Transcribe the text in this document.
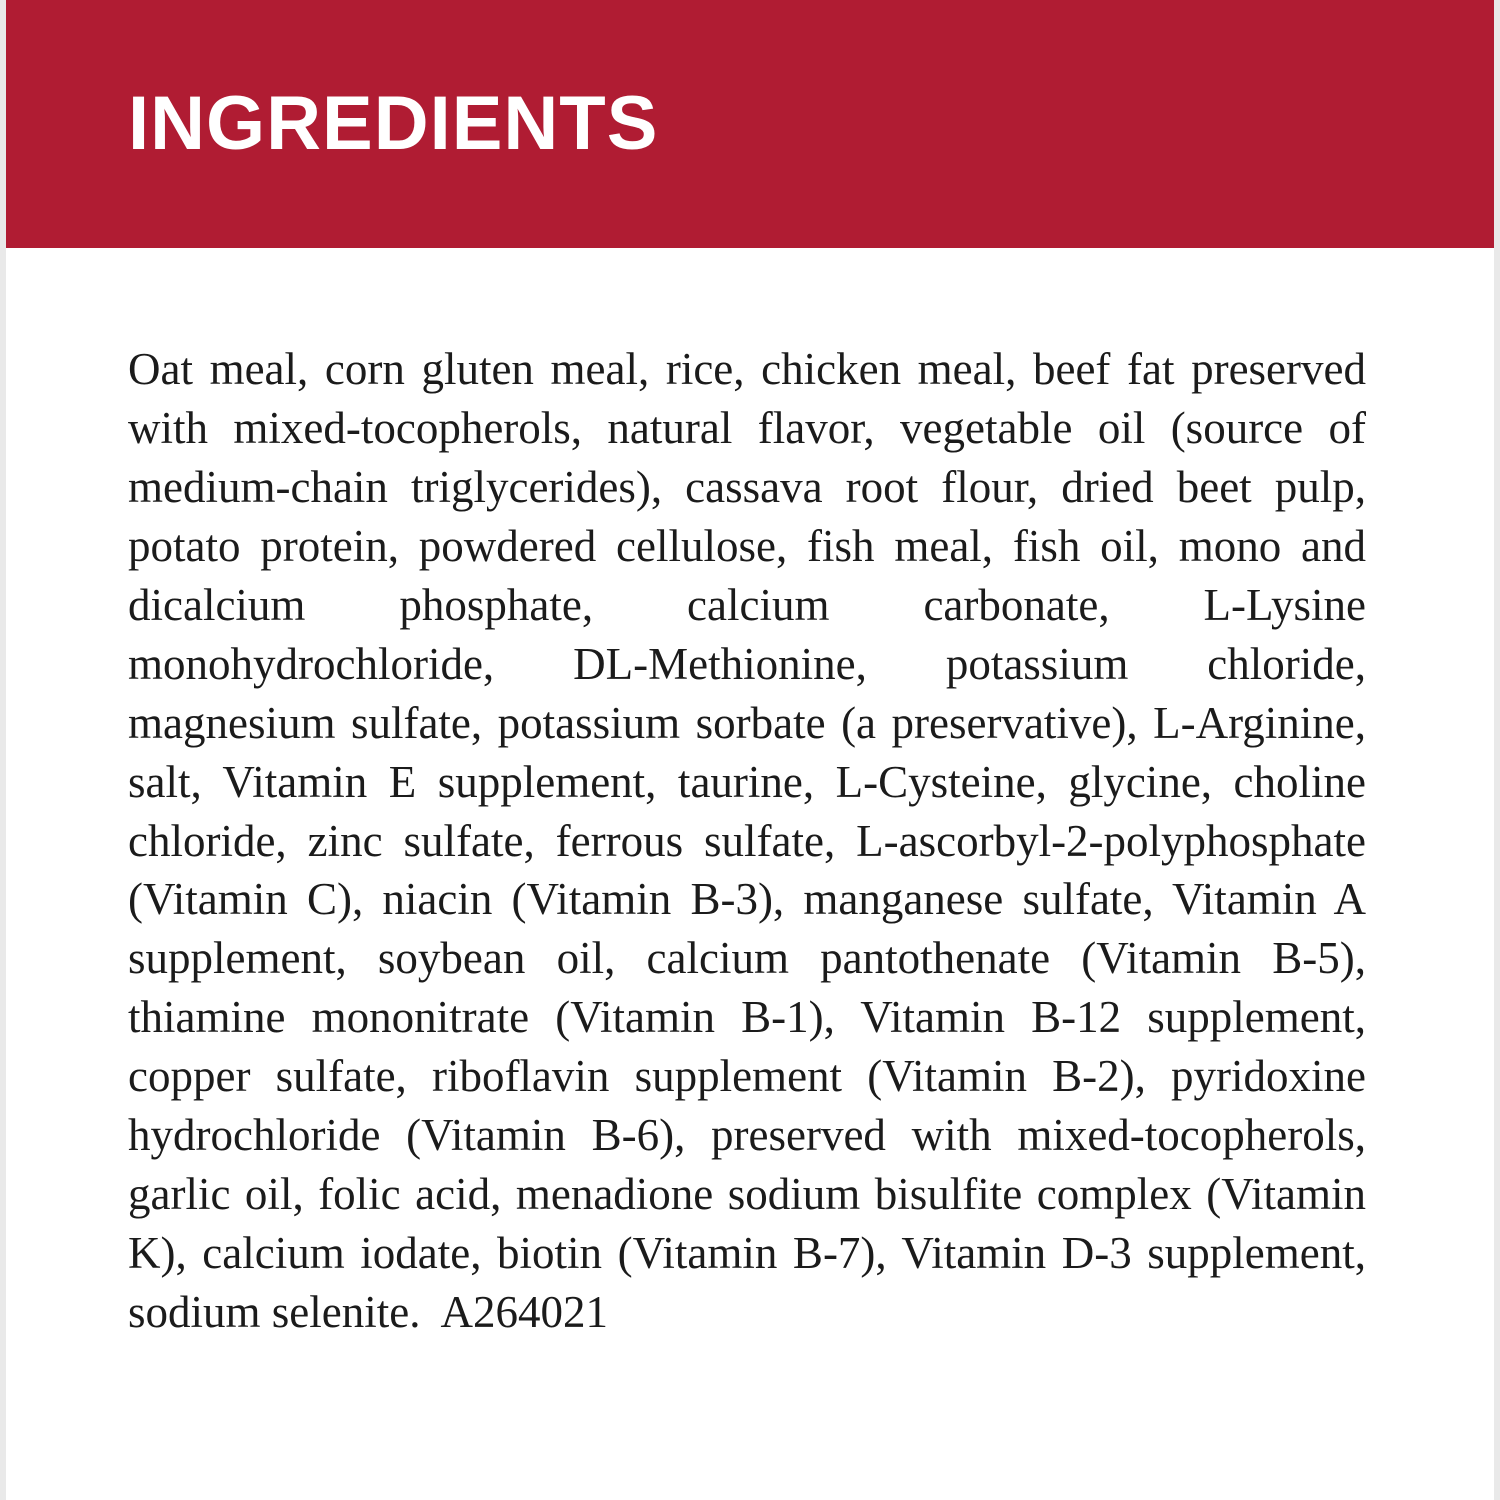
INGREDIENTS

Oat meal, corn gluten meal, rice, chicken meal, beef fat preserved with mixed-tocopherols, natural flavor, vegetable oil (source of medium-chain triglycerides), cassava root flour, dried beet pulp, potato protein, powdered cellulose, fish meal, fish oil, mono and dicalcium phosphate, calcium carbonate, L-Lysine monohydrochloride, DL-Methionine, potassium chloride, magnesium sulfate, potassium sorbate (a preservative), L-Arginine, salt, Vitamin E supplement, taurine, L-Cysteine, glycine, choline chloride, zinc sulfate, ferrous sulfate, L-ascorbyl-2-polyphosphate (Vitamin C), niacin (Vitamin B-3), manganese sulfate, Vitamin A supplement, soybean oil, calcium pantothenate (Vitamin B-5), thiamine mononitrate (Vitamin B-1), Vitamin B-12 supplement, copper sulfate, riboflavin supplement (Vitamin B-2), pyridoxine hydrochloride (Vitamin B-6), preserved with mixed-tocopherols, garlic oil, folic acid, menadione sodium bisulfite complex (Vitamin K), calcium iodate, biotin (Vitamin B-7), Vitamin D-3 supplement, sodium selenite. A264021
